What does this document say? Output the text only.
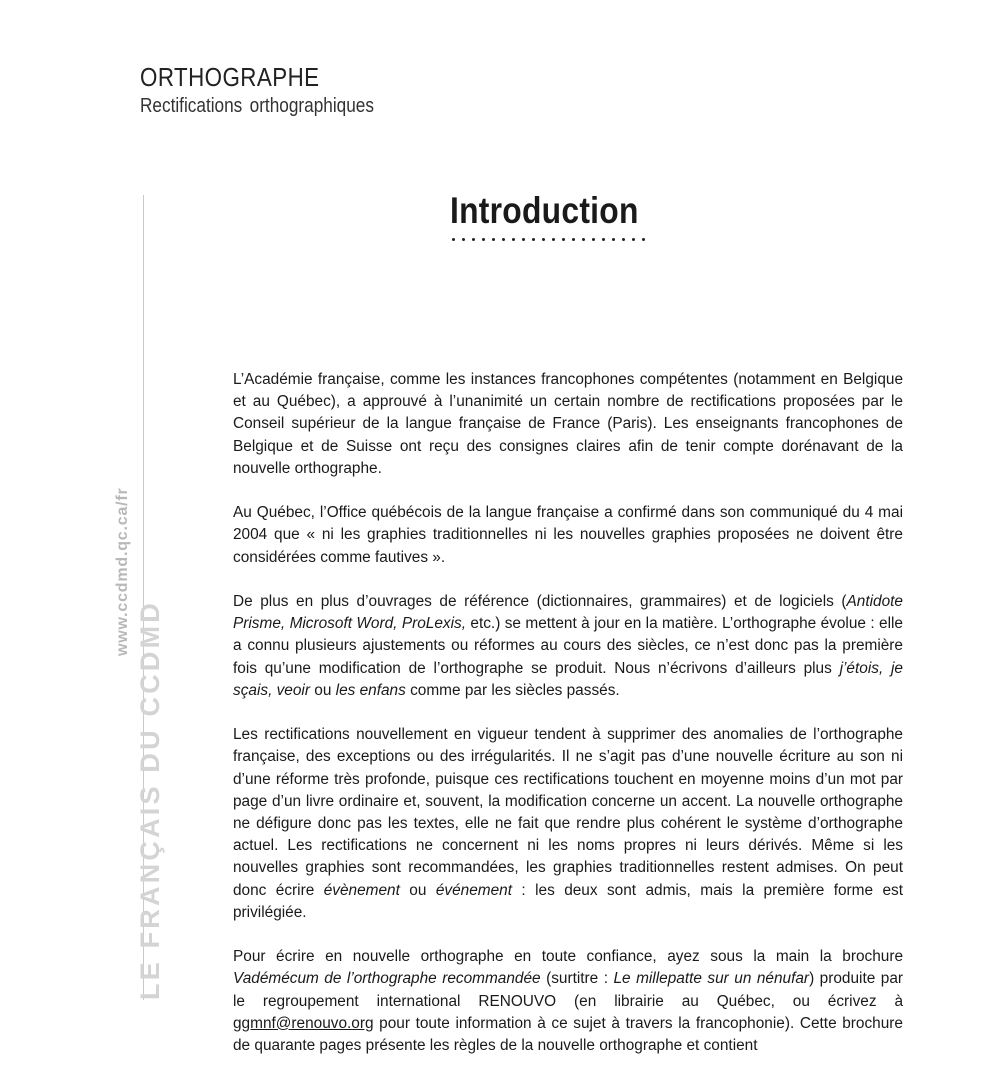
ORTHOGRAPHE
Rectifications orthographiques
LE FRANÇAIS DU CCDMD
www.ccdmd.qc.ca/fr
Introduction

L’Académie française, comme les instances francophones compétentes (notamment en Belgique et au Québec), a approuvé à l’unanimité un certain nombre de rectifications proposées par le Conseil supérieur de la langue française de France (Paris). Les enseignants francophones de Belgique et de Suisse ont reçu des consignes claires afin de tenir compte dorénavant de la nouvelle orthographe.

Au Québec, l’Office québécois de la langue française a confirmé dans son communiqué du 4 mai 2004 que « ni les graphies traditionnelles ni les nouvelles graphies proposées ne doivent être considérées comme fautives ».

De plus en plus d’ouvrages de référence (dictionnaires, grammaires) et de logiciels (Antidote Prisme, Microsoft Word, ProLexis, etc.) se mettent à jour en la matière. L’orthographe évolue : elle a connu plusieurs ajustements ou réformes au cours des siècles, ce n’est donc pas la première fois qu’une modification de l’orthographe se produit. Nous n’écrivons d’ailleurs plus j’étois, je sçais, veoir ou les enfans comme par les siècles passés.

Les rectifications nouvellement en vigueur tendent à supprimer des anomalies de l’orthographe française, des exceptions ou des irrégularités. Il ne s’agit pas d’une nouvelle écriture au son ni d’une réforme très profonde, puisque ces rectifications touchent en moyenne moins d’un mot par page d’un livre ordinaire et, souvent, la modification concerne un accent. La nouvelle orthographe ne défigure donc pas les textes, elle ne fait que rendre plus cohérent le système d’orthographe actuel. Les rectifications ne concernent ni les noms propres ni leurs dérivés. Même si les nouvelles graphies sont recommandées, les graphies traditionnelles restent admises. On peut donc écrire évènement ou événement : les deux sont admis, mais la première forme est privilégiée.

Pour écrire en nouvelle orthographe en toute confiance, ayez sous la main la brochure Vadémécum de l’orthographe recommandée (surtitre : Le millepatte sur un nénufar) produite par le regroupement international RENOUVO (en librairie au Québec, ou écrivez à ggmnf@renouvo.org pour toute information à ce sujet à travers la francophonie). Cette brochure de quarante pages présente les règles de la nouvelle orthographe et contient
